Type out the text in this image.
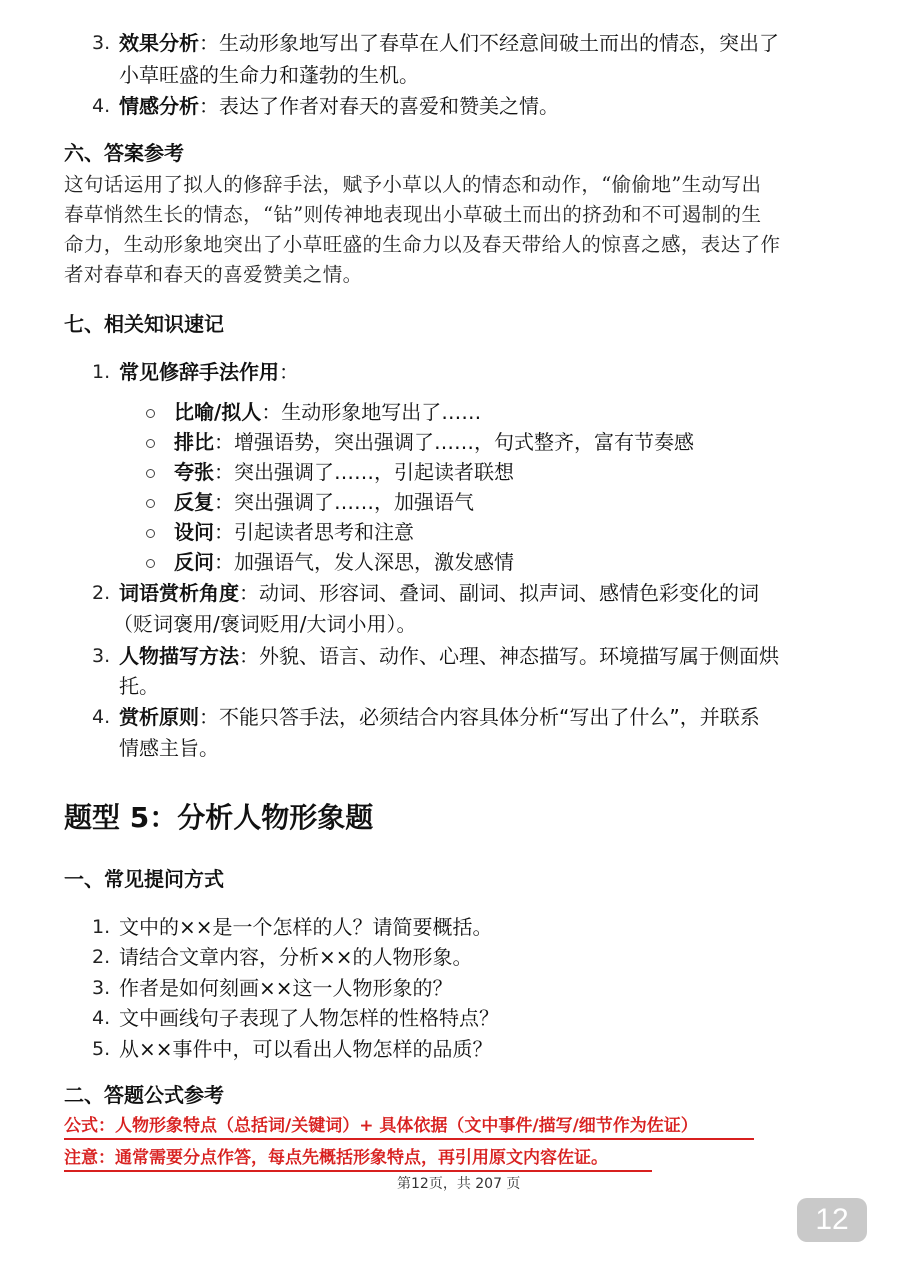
3. 效果分析：生动形象地写出了春草在人们不经意间破土而出的情态，突出了
小草旺盛的生命力和蓬勃的生机。
4. 情感分析：表达了作者对春天的喜爱和赞美之情。
六、答案参考
这句话运用了拟人的修辞手法，赋予小草以人的情态和动作，“偷偷地”生动写出
春草悄然生长的情态，“钻”则传神地表现出小草破土而出的挤劲和不可遏制的生
命力，生动形象地突出了小草旺盛的生命力以及春天带给人的惊喜之感，表达了作
者对春草和春天的喜爱赞美之情。
七、相关知识速记
1. 常见修辞手法作用：
比喻/拟人：生动形象地写出了……
排比：增强语势，突出强调了……，句式整齐，富有节奏感
夸张：突出强调了……，引起读者联想
反复：突出强调了……，加强语气
设问：引起读者思考和注意
反问：加强语气，发人深思，激发感情
2. 词语赏析角度：动词、形容词、叠词、副词、拟声词、感情色彩变化的词
（贬词褒用/褒词贬用/大词小用）。
3. 人物描写方法：外貌、语言、动作、心理、神态描写。环境描写属于侧面烘
托。
4. 赏析原则：不能只答手法，必须结合内容具体分析“写出了什么”，并联系
情感主旨。
题型 5：分析人物形象题
一、常见提问方式
1. 文中的××是一个怎样的人？请简要概括。
2. 请结合文章内容，分析××的人物形象。
3. 作者是如何刻画××这一人物形象的？
4. 文中画线句子表现了人物怎样的性格特点？
5. 从××事件中，可以看出人物怎样的品质？
二、答题公式参考
公式：人物形象特点（总括词/关键词）+ 具体依据（文中事件/描写/细节作为佐证）
注意：通常需要分点作答，每点先概括形象特点，再引用原文内容佐证。
第12页，共 207 页
12
